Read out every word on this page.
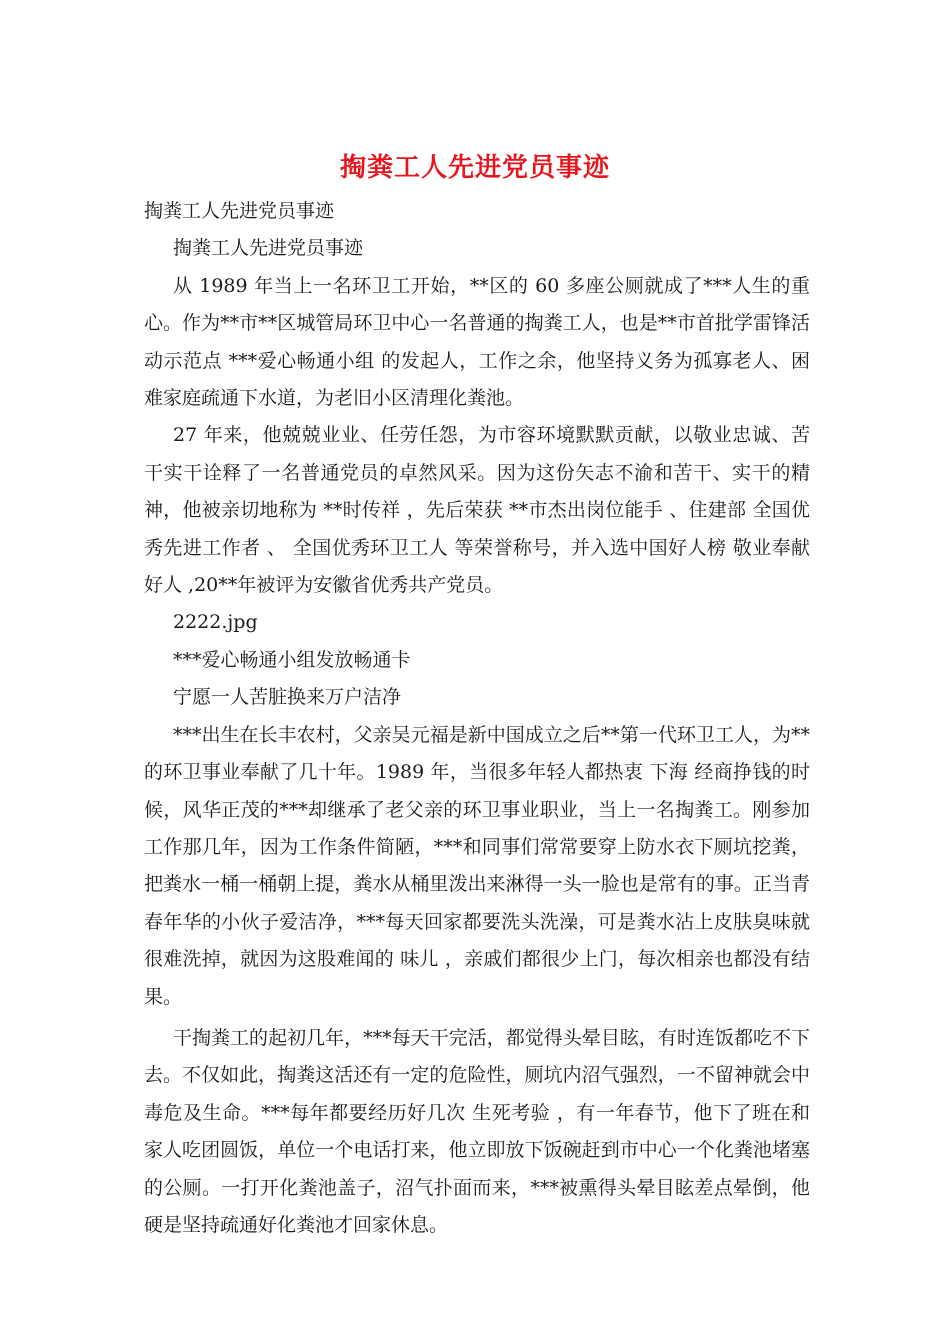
掏粪工人先进党员事迹

掏粪工人先进党员事迹

掏粪工人先进党员事迹

从 1989 年当上一名环卫工开始，**区的 60 多座公厕就成了***人生的重心。作为**市**区城管局环卫中心一名普通的掏粪工人，也是**市首批学雷锋活动示范点 ***爱心畅通小组 的发起人，工作之余，他坚持义务为孤寡老人、困难家庭疏通下水道，为老旧小区清理化粪池。

27 年来，他兢兢业业、任劳任怨，为市容环境默默贡献，以敬业忠诚、苦干实干诠释了一名普通党员的卓然风采。因为这份矢志不渝和苦干、实干的精神，他被亲切地称为 **时传祥 ，先后荣获 **市杰出岗位能手 、住建部 全国优秀先进工作者 、 全国优秀环卫工人 等荣誉称号，并入选中国好人榜 敬业奉献好人 ,20**年被评为安徽省优秀共产党员。

2222.jpg

***爱心畅通小组发放畅通卡

宁愿一人苦脏换来万户洁净

***出生在长丰农村，父亲吴元福是新中国成立之后**第一代环卫工人，为**的环卫事业奉献了几十年。1989 年，当很多年轻人都热衷 下海 经商挣钱的时候，风华正茂的***却继承了老父亲的环卫事业职业，当上一名掏粪工。刚参加工作那几年，因为工作条件简陋，***和同事们常常要穿上防水衣下厕坑挖粪，把粪水一桶一桶朝上提，粪水从桶里泼出来淋得一头一脸也是常有的事。正当青春年华的小伙子爱洁净，***每天回家都要洗头洗澡，可是粪水沾上皮肤臭味就很难洗掉，就因为这股难闻的 味儿 ，亲戚们都很少上门，每次相亲也都没有结果。

干掏粪工的起初几年，***每天干完活，都觉得头晕目眩，有时连饭都吃不下去。不仅如此，掏粪这活还有一定的危险性，厕坑内沼气强烈，一不留神就会中毒危及生命。***每年都要经历好几次 生死考验 ，有一年春节，他下了班在和家人吃团圆饭，单位一个电话打来，他立即放下饭碗赶到市中心一个化粪池堵塞的公厕。一打开化粪池盖子，沼气扑面而来，***被熏得头晕目眩差点晕倒，他硬是坚持疏通好化粪池才回家休息。
